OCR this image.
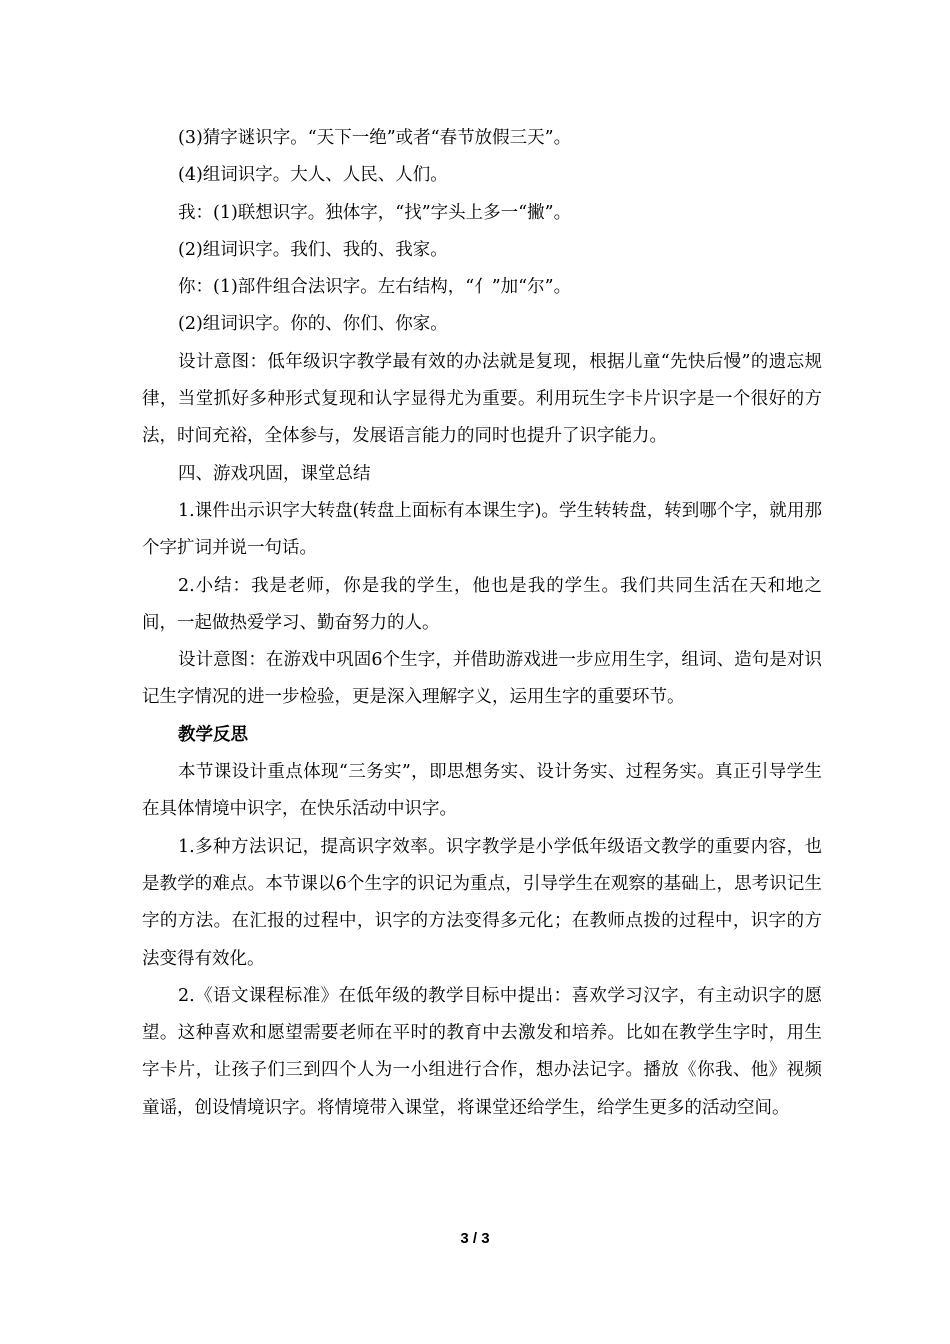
(3)猜字谜识字。“天下一绝”或者“春节放假三天”。

(4)组词识字。大人、人民、人们。

我：(1)联想识字。独体字，“找”字头上多一“撇”。

(2)组词识字。我们、我的、我家。

你：(1)部件组合法识字。左右结构，“亻”加“尔”。

(2)组词识字。你的、你们、你家。

设计意图：低年级识字教学最有效的办法就是复现，根据儿童“先快后慢”的遗忘规律，当堂抓好多种形式复现和认字显得尤为重要。利用玩生字卡片识字是一个很好的方法，时间充裕，全体参与，发展语言能力的同时也提升了识字能力。

四、游戏巩固，课堂总结

1.课件出示识字大转盘(转盘上面标有本课生字)。学生转转盘，转到哪个字，就用那个字扩词并说一句话。

2.小结：我是老师，你是我的学生，他也是我的学生。我们共同生活在天和地之间，一起做热爱学习、勤奋努力的人。

设计意图：在游戏中巩固6个生字，并借助游戏进一步应用生字，组词、造句是对识记生字情况的进一步检验，更是深入理解字义，运用生字的重要环节。

教学反思

本节课设计重点体现“三务实”，即思想务实、设计务实、过程务实。真正引导学生在具体情境中识字，在快乐活动中识字。

1.多种方法识记，提高识字效率。识字教学是小学低年级语文教学的重要内容，也是教学的难点。本节课以6个生字的识记为重点，引导学生在观察的基础上，思考识记生字的方法。在汇报的过程中，识字的方法变得多元化；在教师点拨的过程中，识字的方法变得有效化。

2.《语文课程标准》在低年级的教学目标中提出：喜欢学习汉字，有主动识字的愿望。这种喜欢和愿望需要老师在平时的教育中去激发和培养。比如在教学生字时，用生字卡片，让孩子们三到四个人为一小组进行合作，想办法记字。播放《你我、他》视频童谣，创设情境识字。将情境带入课堂，将课堂还给学生，给学生更多的活动空间。

3 / 3
